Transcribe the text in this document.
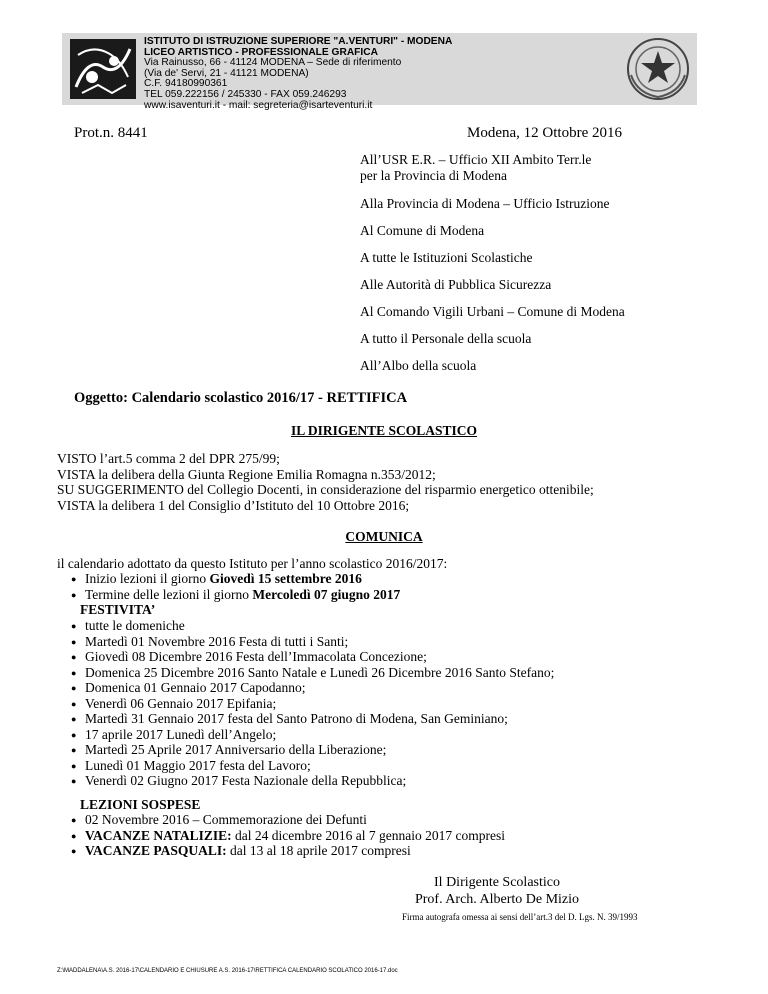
ISTITUTO DI ISTRUZIONE SUPERIORE "A.VENTURI" - MODENA
LICEO ARTISTICO - PROFESSIONALE GRAFICA
Via Rainusso, 66 - 41124 MODENA – Sede di riferimento
(Via de' Servi, 21 - 41121 MODENA)
C.F. 94180990361
TEL 059.222156 / 245330 - FAX 059.246293
www.isaventuri.it - mail: segreteria@isarteventuri.it
Prot.n. 8441	Modena, 12 Ottobre 2016
All’USR E.R. – Ufficio XII Ambito Terr.le
per la Provincia di Modena
Alla Provincia di Modena – Ufficio Istruzione
Al Comune di Modena
A tutte le Istituzioni Scolastiche
Alle Autorità di Pubblica Sicurezza
Al Comando Vigili Urbani – Comune di Modena
A tutto il Personale della scuola
All’Albo della scuola
Oggetto: Calendario scolastico 2016/17 - RETTIFICA
IL DIRIGENTE SCOLASTICO
VISTO l’art.5 comma 2 del DPR 275/99;
VISTA la delibera della Giunta Regione Emilia Romagna n.353/2012;
SU SUGGERIMENTO del Collegio Docenti, in considerazione del risparmio energetico ottenibile;
VISTA la delibera 1 del Consiglio d’Istituto del 10 Ottobre 2016;
COMUNICA
il calendario adottato da questo Istituto per l’anno scolastico 2016/2017:
● Inizio lezioni il giorno Giovedì 15 settembre 2016
● Termine delle lezioni il giorno Mercoledì 07 giugno 2017
FESTIVITA’
● tutte le domeniche
● Martedì 01 Novembre 2016 Festa di tutti i Santi;
● Giovedì 08 Dicembre 2016 Festa dell’Immacolata Concezione;
● Domenica 25 Dicembre 2016 Santo Natale e Lunedì 26 Dicembre 2016 Santo Stefano;
● Domenica 01 Gennaio 2017 Capodanno;
● Venerdì 06 Gennaio 2017 Epifania;
● Martedì 31 Gennaio 2017 festa del Santo Patrono di Modena, San Geminiano;
● 17 aprile 2017 Lunedì dell’Angelo;
● Martedì 25 Aprile 2017 Anniversario della Liberazione;
● Lunedì 01 Maggio 2017 festa del Lavoro;
● Venerdì 02 Giugno 2017 Festa Nazionale della Repubblica;
LEZIONI SOSPESE
● 02 Novembre 2016 – Commemorazione dei Defunti
● VACANZE NATALIZIE: dal 24 dicembre 2016 al 7 gennaio 2017 compresi
● VACANZE PASQUALI: dal 13 al 18 aprile 2017 compresi
Il Dirigente Scolastico
Prof. Arch. Alberto De Mizio
Firma autografa omessa ai sensi dell’art.3 del D. Lgs. N. 39/1993
Z:\MADDALENA\A.S. 2016-17\CALENDARIO E CHIUSURE A.S. 2016-17\RETTIFICA CALENDARIO SCOLATICO 2016-17.doc
